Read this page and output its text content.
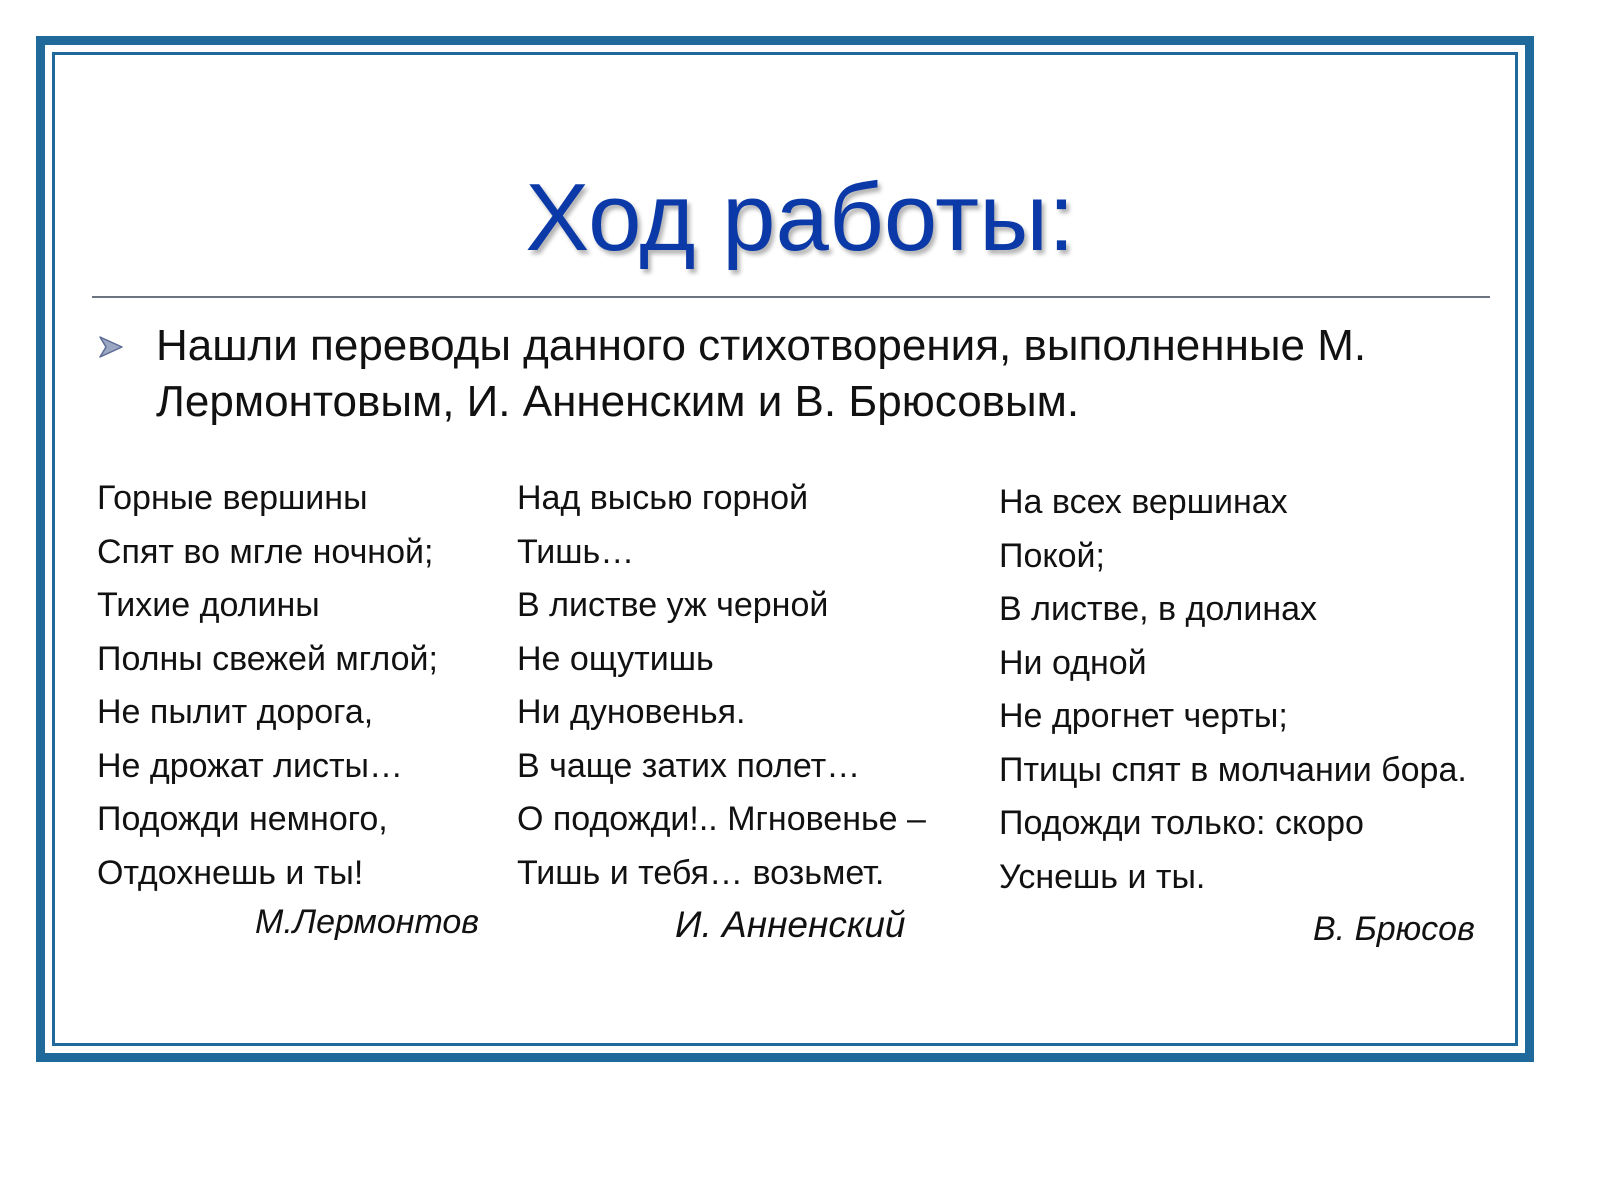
Ход работы:
Нашли переводы данного стихотворения, выполненные М. Лермонтовым, И. Анненским и В. Брюсовым.
Горные вершины
Спят во мгле ночной;
Тихие долины
Полны свежей мглой;
Не пылит дорога,
Не дрожат листы…
Подожди немного,
Отдохнешь и ты!
М.Лермонтов
Над высью горной
Тишь…
В листве уж черной
Не ощутишь
Ни дуновенья.
В чаще затих полет…
О подожди!.. Мгновенье –
Тишь и тебя… возьмет.
И. Анненский
На всех вершинах
Покой;
В листве, в долинах
Ни одной
Не дрогнет черты;
Птицы спят в молчании бора.
Подожди только: скоро
Уснешь и ты.
В. Брюсов
